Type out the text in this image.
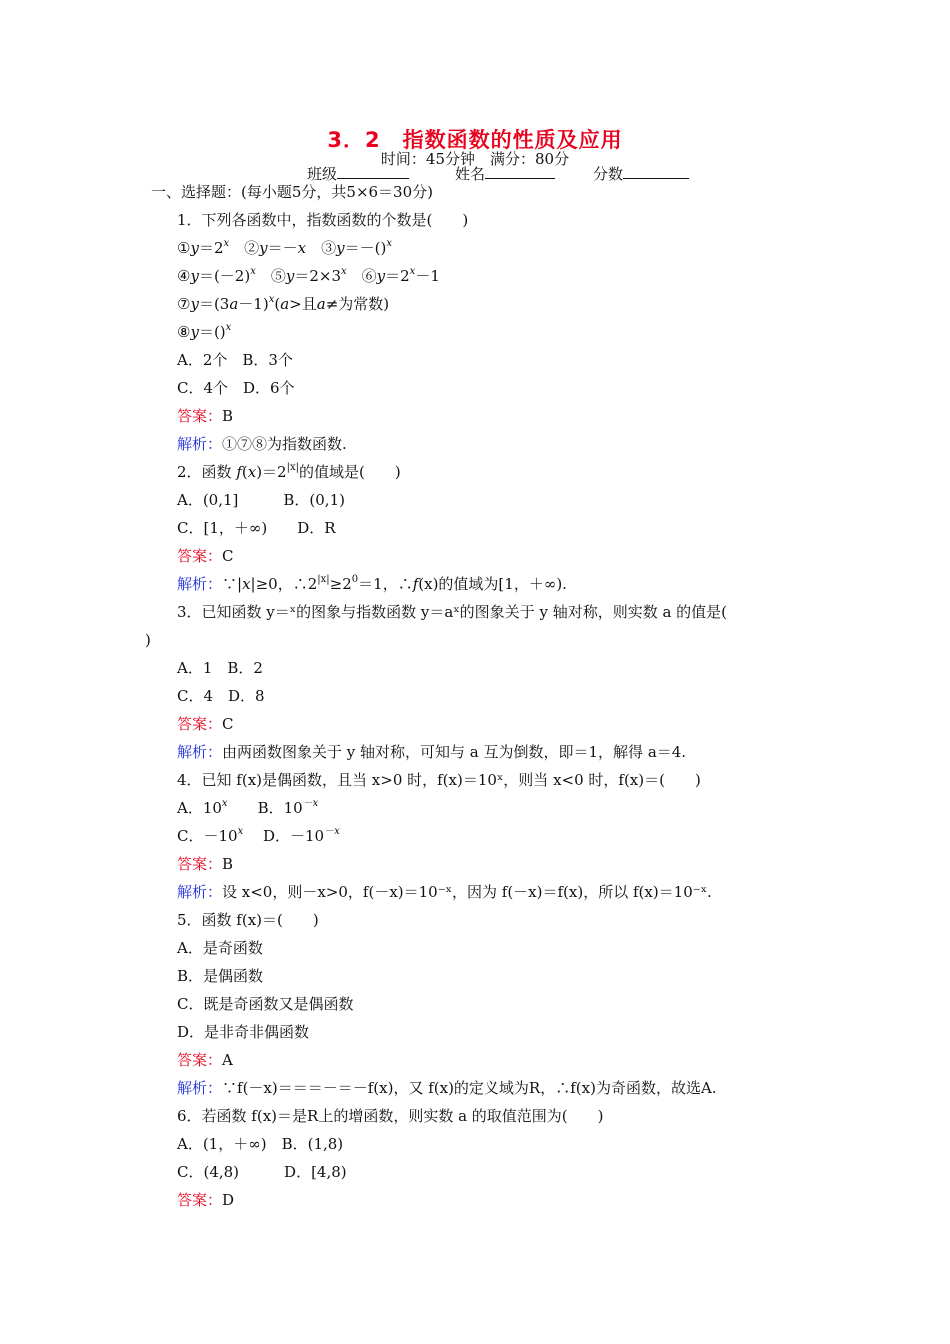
3．2　指数函数的性质及应用
时间：45分钟　满分：80分
班级	姓名	分数
一、选择题：(每小题5分，共5×6＝30分)
1．下列各函数中，指数函数的个数是(　　)
$①y=2^x$　②y＝－x　③y＝－()$^x$
$④y=(-2)^x$　$⑤y=2\times 3^x$　$⑥y=2^x-1$
$⑦y=(3a-1)^x(a>$且a≠为常数)
⑧y＝()$^x$
A．2个　B．3个
C．4个　D．6个
答案：B
解析：①⑦⑧为指数函数.
2．函数 $f(x)=2^{|x|}$的值域是(　　)
A．(0,1]　　　B．(0,1)
C．[1，＋∞)　　D．R
答案：C
解析：∵|x|≥0，$\therefore 2^{|x|}\ge 2^0=1$，∴f(x)的值域为[1，＋∞).
3．已知函数 y＝ˣ的图象与指数函数 y＝aˣ的图象关于 y 轴对称，则实数 a 的值是(
)
A．1　B．2
C．4　D．8
答案：C
解析：由两函数图象关于 y 轴对称，可知与 a 互为倒数，即＝1，解得 a＝4.
4．已知 f(x)是偶函数，且当 x>0 时，f(x)＝10ˣ，则当 x<0 时，f(x)＝(　　)
A．10$^x$　　B．$10^{-x}$
C．$-10^x$　 D．$-10^{-x}$
答案：B
解析：设 x<0，则－x>0，f(－x)＝10⁻ˣ，因为 f(－x)＝f(x)，所以 f(x)＝10⁻ˣ.
5．函数 f(x)＝(　　)
A．是奇函数
B．是偶函数
C．既是奇函数又是偶函数
D．是非奇非偶函数
答案：A
解析：∵f(－x)＝＝＝－＝－f(x)，又 f(x)的定义域为R，∴f(x)为奇函数，故选A.
6．若函数 f(x)＝是R上的增函数，则实数 a 的取值范围为(　　)
A．(1，＋∞)　B．(1,8)
C．(4,8)　　　D．[4,8)
答案：D
